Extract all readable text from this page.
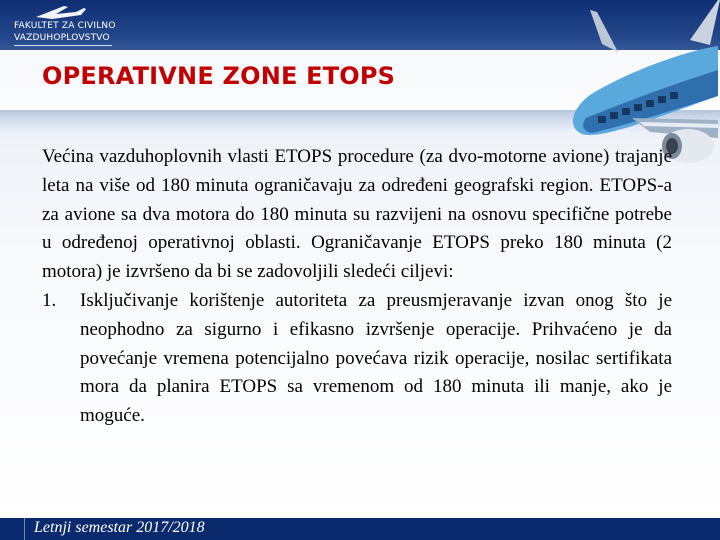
FAKULTET ZA CIVILNO
VAZDUHOPLOVSTVO
OPERATIVNE ZONE ETOPS

Većina vazduhoplovnih vlasti ETOPS procedure (za dvo-motorne avione) trajanje leta na više od 180 minuta ograničavaju za određeni geografski region. ETOPS-a za avione sa dva motora do 180 minuta su razvijeni na osnovu specifične potrebe u određenoj operativnoj oblasti. Ograničavanje ETOPS preko 180 minuta (2 motora) je izvršeno da bi se zadovoljili sledeći ciljevi:

1. Isključivanje korištenje autoriteta za preusmjeravanje izvan onog što je neophodno za sigurno i efikasno izvršenje operacije. Prihvaćeno je da povećanje vremena potencijalno povećava rizik operacije, nosilac sertifikata mora da planira ETOPS sa vremenom od 180 minuta ili manje, ako je moguće.

Letnji semestar 2017/2018
